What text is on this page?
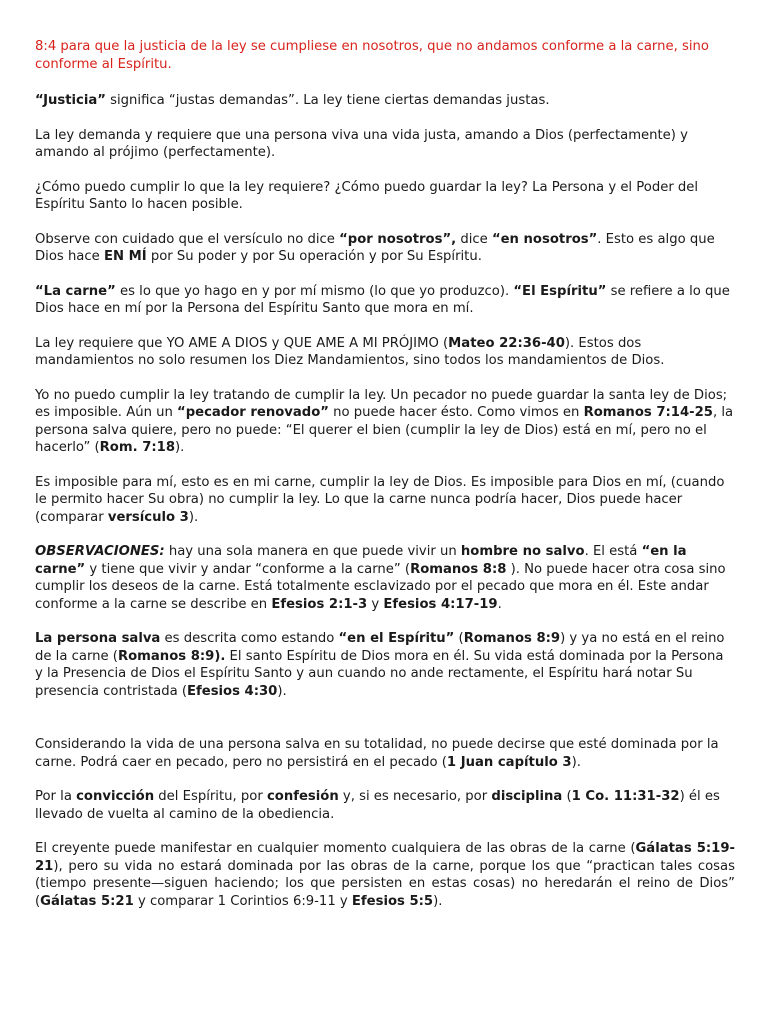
8:4 para que la justicia de la ley se cumpliese en nosotros, que no andamos conforme a la carne, sino conforme al Espíritu.

“Justicia” significa “justas demandas”. La ley tiene ciertas demandas justas.

La ley demanda y requiere que una persona viva una vida justa, amando a Dios (perfectamente) y amando al prójimo (perfectamente).

¿Cómo puedo cumplir lo que la ley requiere? ¿Cómo puedo guardar la ley? La Persona y el Poder del Espíritu Santo lo hacen posible.

Observe con cuidado que el versículo no dice “por nosotros”, dice “en nosotros”. Esto es algo que Dios hace EN MÍ por Su poder y por Su operación y por Su Espíritu.

“La carne” es lo que yo hago en y por mí mismo (lo que yo produzco). “El Espíritu” se refiere a lo que Dios hace en mí por la Persona del Espíritu Santo que mora en mí.

La ley requiere que YO AME A DIOS y QUE AME A MI PRÓJIMO (Mateo 22:36-40). Estos dos mandamientos no solo resumen los Diez Mandamientos, sino todos los mandamientos de Dios.

Yo no puedo cumplir la ley tratando de cumplir la ley. Un pecador no puede guardar la santa ley de Dios; es imposible. Aún un “pecador renovado” no puede hacer ésto. Como vimos en Romanos 7:14-25, la persona salva quiere, pero no puede: “El querer el bien (cumplir la ley de Dios) está en mí, pero no el hacerlo” (Rom. 7:18).

Es imposible para mí, esto es en mi carne, cumplir la ley de Dios. Es imposible para Dios en mí, (cuando le permito hacer Su obra) no cumplir la ley. Lo que la carne nunca podría hacer, Dios puede hacer (comparar versículo 3).

OBSERVACIONES: hay una sola manera en que puede vivir un hombre no salvo. El está “en la carne” y tiene que vivir y andar “conforme a la carne” (Romanos 8:8 ). No puede hacer otra cosa sino cumplir los deseos de la carne. Está totalmente esclavizado por el pecado que mora en él. Este andar conforme a la carne se describe en Efesios 2:1-3 y Efesios 4:17-19.

La persona salva es descrita como estando “en el Espíritu” (Romanos 8:9) y ya no está en el reino de la carne (Romanos 8:9). El santo Espíritu de Dios mora en él. Su vida está dominada por la Persona y la Presencia de Dios el Espíritu Santo y aun cuando no ande rectamente, el Espíritu hará notar Su presencia contristada (Efesios 4:30).

Considerando la vida de una persona salva en su totalidad, no puede decirse que esté dominada por la carne. Podrá caer en pecado, pero no persistirá en el pecado (1 Juan capítulo 3).

Por la convicción del Espíritu, por confesión y, si es necesario, por disciplina (1 Co. 11:31-32) él es llevado de vuelta al camino de la obediencia.

El creyente puede manifestar en cualquier momento cualquiera de las obras de la carne (Gálatas 5:19-21), pero su vida no estará dominada por las obras de la carne, porque los que “practican tales cosas (tiempo presente—siguen haciendo; los que persisten en estas cosas) no heredarán el reino de Dios” (Gálatas 5:21 y comparar 1 Corintios 6:9-11 y Efesios 5:5).
